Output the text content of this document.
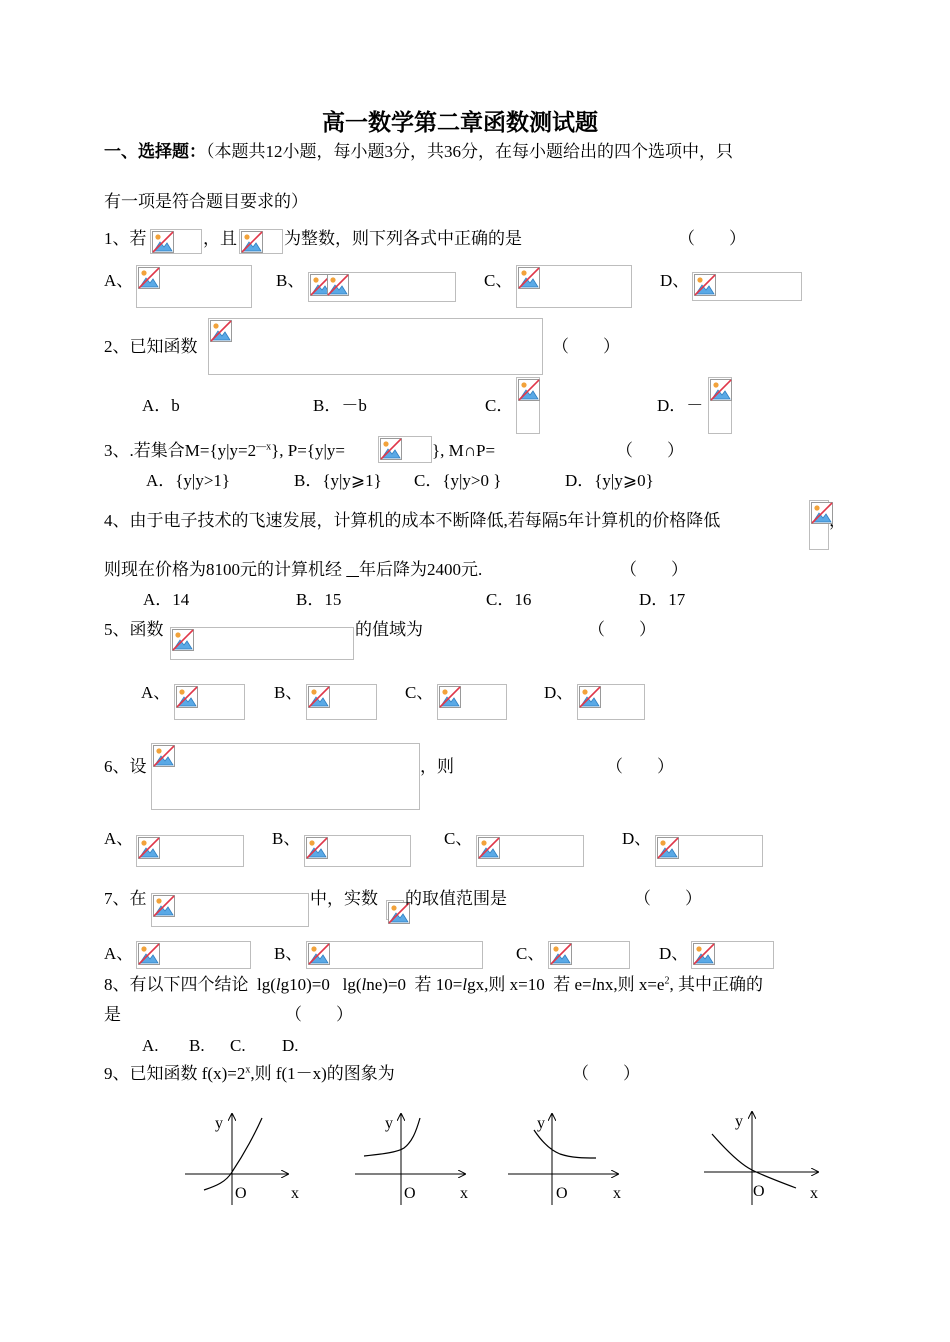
高一数学第二章函数测试题
一、选择题：（本题共12小题，每小题3分，共36分，在每小题给出的四个选项中，只
有一项是符合题目要求的）
1、若	，且	为整数，则下列各式中正确的是	（　　）
A、	B、	C、	D、
2、已知函数	（　　）
A．b	B．－b	C．	D．－
3、.若集合$M=\{y|y=2^{—x}\}$, P={y|y=	}, M∩P=	（　　）
A．{y|y>1}	B．{y|y⩾1} C．{y|y>0 }	D．{y|y⩾0}
4、由于电子技术的飞速发展，计算机的成本不断降低,若每隔5年计算机的价格降低	，
则现在价格为8100元的计算机经    年后降为2400元.	（　　）
A．14	B．15	C．16	D．17
5、函数	的值域为	（　　）
A、	B、	C、	D、
6、设	，则	（　　）
A、	B、	C、	D、
7、在	中，实数 的取值范围是	（　　）
A、	B、	C、	D、
8、有以下四个结论  lg(lg10)=0   lg(lne)=0  若 10=lgx,则 x=10  若 e=lnx,则 $x=e^2$, 其中正确的
是	（　　）
A. B. C. D.
9、已知函数 $f(x)=2^x$,则 f(1－x)的图象为	（　　）
y
O	x
y
O	x
y
O	x
y
O	x
